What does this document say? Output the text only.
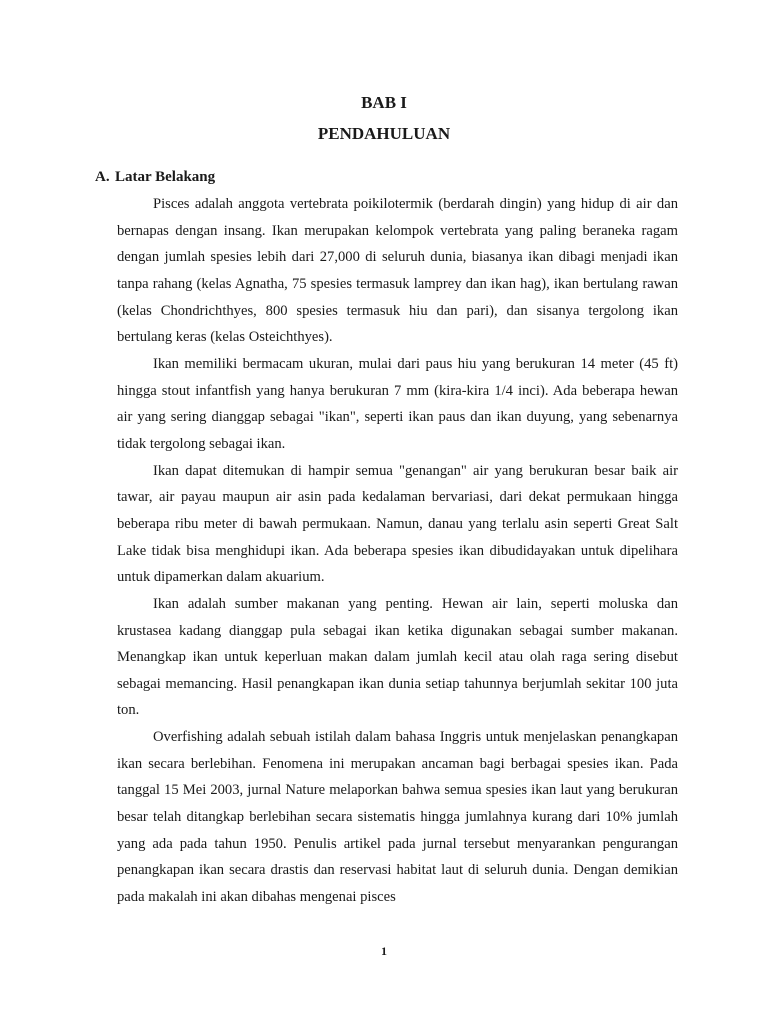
BAB I
PENDAHULUAN
A. Latar Belakang

Pisces adalah anggota vertebrata poikilotermik (berdarah dingin) yang hidup di air dan bernapas dengan insang. Ikan merupakan kelompok vertebrata yang paling beraneka ragam dengan jumlah spesies lebih dari 27,000 di seluruh dunia, biasanya ikan dibagi menjadi ikan tanpa rahang (kelas Agnatha, 75 spesies termasuk lamprey dan ikan hag), ikan bertulang rawan (kelas Chondrichthyes, 800 spesies termasuk hiu dan pari), dan sisanya tergolong ikan bertulang keras (kelas Osteichthyes).

Ikan memiliki bermacam ukuran, mulai dari paus hiu yang berukuran 14 meter (45 ft) hingga stout infantfish yang hanya berukuran 7 mm (kira-kira 1/4 inci). Ada beberapa hewan air yang sering dianggap sebagai "ikan", seperti ikan paus dan ikan duyung, yang sebenarnya tidak tergolong sebagai ikan.

Ikan dapat ditemukan di hampir semua "genangan" air yang berukuran besar baik air tawar, air payau maupun air asin pada kedalaman bervariasi, dari dekat permukaan hingga beberapa ribu meter di bawah permukaan. Namun, danau yang terlalu asin seperti Great Salt Lake tidak bisa menghidupi ikan. Ada beberapa spesies ikan dibudidayakan untuk dipelihara untuk dipamerkan dalam akuarium.

Ikan adalah sumber makanan yang penting. Hewan air lain, seperti moluska dan krustasea kadang dianggap pula sebagai ikan ketika digunakan sebagai sumber makanan. Menangkap ikan untuk keperluan makan dalam jumlah kecil atau olah raga sering disebut sebagai memancing. Hasil penangkapan ikan dunia setiap tahunnya berjumlah sekitar 100 juta ton.

Overfishing adalah sebuah istilah dalam bahasa Inggris untuk menjelaskan penangkapan ikan secara berlebihan. Fenomena ini merupakan ancaman bagi berbagai spesies ikan. Pada tanggal 15 Mei 2003, jurnal Nature melaporkan bahwa semua spesies ikan laut yang berukuran besar telah ditangkap berlebihan secara sistematis hingga jumlahnya kurang dari 10% jumlah yang ada pada tahun 1950. Penulis artikel pada jurnal tersebut menyarankan pengurangan penangkapan ikan secara drastis dan reservasi habitat laut di seluruh dunia. Dengan demikian pada makalah ini akan dibahas mengenai pisces

1
